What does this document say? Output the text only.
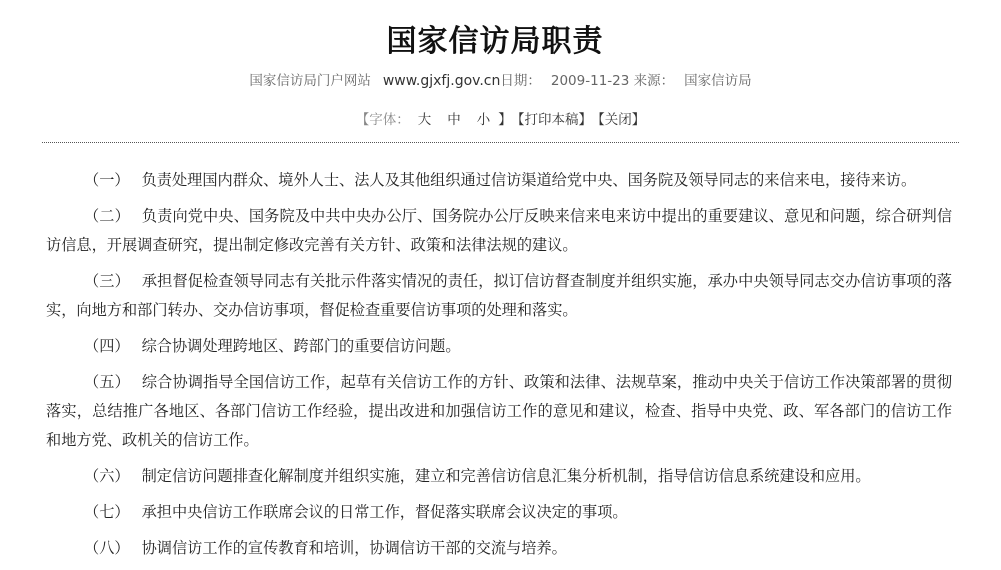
国家信访局职责
国家信访局门户网站 www.gjxfj.gov.cn日期： 2009-11-23 来源： 国家信访局
【字体： 大 中 小 】 【打印本稿】 【关闭】

（一） 负责处理国内群众、境外人士、法人及其他组织通过信访渠道给党中央、国务院及领导同志的来信来电，接待来访。

（二） 负责向党中央、国务院及中共中央办公厅、国务院办公厅反映来信来电来访中提出的重要建议、意见和问题，综合研判信访信息，开展调查研究，提出制定修改完善有关方针、政策和法律法规的建议。

（三） 承担督促检查领导同志有关批示件落实情况的责任，拟订信访督查制度并组织实施，承办中央领导同志交办信访事项的落实，向地方和部门转办、交办信访事项，督促检查重要信访事项的处理和落实。

（四） 综合协调处理跨地区、跨部门的重要信访问题。

（五） 综合协调指导全国信访工作，起草有关信访工作的方针、政策和法律、法规草案，推动中央关于信访工作决策部署的贯彻落实，总结推广各地区、各部门信访工作经验，提出改进和加强信访工作的意见和建议，检查、指导中央党、政、军各部门的信访工作和地方党、政机关的信访工作。

（六） 制定信访问题排查化解制度并组织实施，建立和完善信访信息汇集分析机制，指导信访信息系统建设和应用。

（七） 承担中央信访工作联席会议的日常工作，督促落实联席会议决定的事项。

（八） 协调信访工作的宣传教育和培训，协调信访干部的交流与培养。
